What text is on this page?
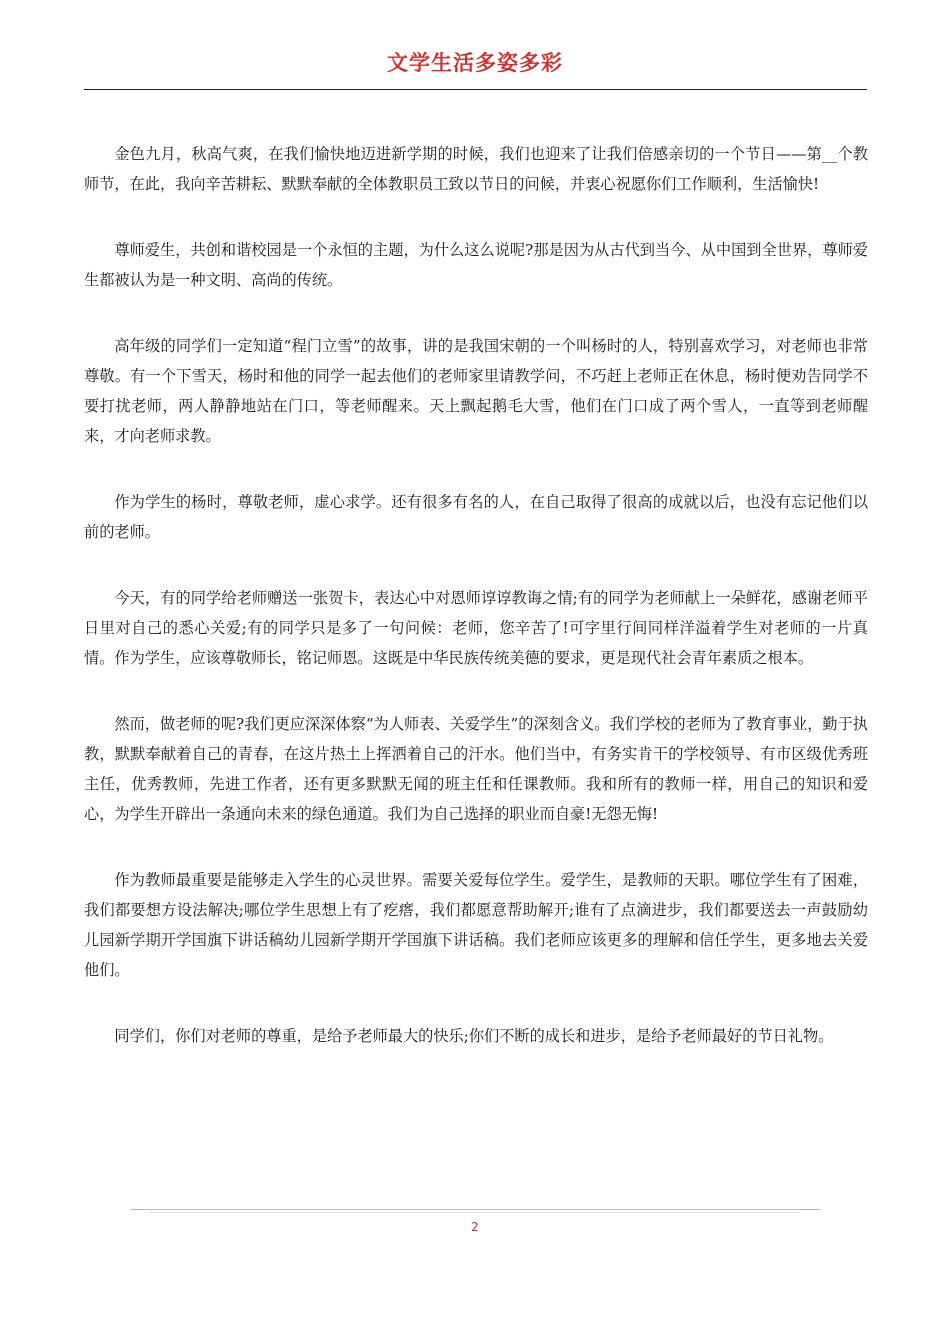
文学生活多姿多彩

金色九月，秋高气爽，在我们愉快地迈进新学期的时候，我们也迎来了让我们倍感亲切的一个节日——第__个教师节，在此，我向辛苦耕耘、默默奉献的全体教职员工致以节日的问候，并衷心祝愿你们工作顺利，生活愉快!

尊师爱生，共创和谐校园是一个永恒的主题，为什么这么说呢?那是因为从古代到当今、从中国到全世界，尊师爱生都被认为是一种文明、高尚的传统。

高年级的同学们一定知道“程门立雪”的故事，讲的是我国宋朝的一个叫杨时的人，特别喜欢学习，对老师也非常尊敬。有一个下雪天，杨时和他的同学一起去他们的老师家里请教学问，不巧赶上老师正在休息，杨时便劝告同学不要打扰老师，两人静静地站在门口，等老师醒来。天上飘起鹅毛大雪，他们在门口成了两个雪人，一直等到老师醒来，才向老师求教。

作为学生的杨时，尊敬老师，虚心求学。还有很多有名的人，在自己取得了很高的成就以后，也没有忘记他们以前的老师。

今天，有的同学给老师赠送一张贺卡，表达心中对恩师谆谆教诲之情;有的同学为老师献上一朵鲜花，感谢老师平日里对自己的悉心关爱;有的同学只是多了一句问候：老师，您辛苦了!可字里行间同样洋溢着学生对老师的一片真情。作为学生，应该尊敬师长，铭记师恩。这既是中华民族传统美德的要求，更是现代社会青年素质之根本。

然而，做老师的呢?我们更应深深体察“为人师表、关爱学生”的深刻含义。我们学校的老师为了教育事业，勤于执教，默默奉献着自己的青春，在这片热土上挥洒着自己的汗水。他们当中，有务实肯干的学校领导、有市区级优秀班主任，优秀教师，先进工作者，还有更多默默无闻的班主任和任课教师。我和所有的教师一样，用自己的知识和爱心，为学生开辟出一条通向未来的绿色通道。我们为自己选择的职业而自豪!无怨无悔!

作为教师最重要是能够走入学生的心灵世界。需要关爱每位学生。爱学生，是教师的天职。哪位学生有了困难，我们都要想方设法解决;哪位学生思想上有了疙瘩，我们都愿意帮助解开;谁有了点滴进步，我们都要送去一声鼓励幼儿园新学期开学国旗下讲话稿幼儿园新学期开学国旗下讲话稿。我们老师应该更多的理解和信任学生，更多地去关爱他们。

同学们，你们对老师的尊重，是给予老师最大的快乐;你们不断的成长和进步，是给予老师最好的节日礼物。

2
